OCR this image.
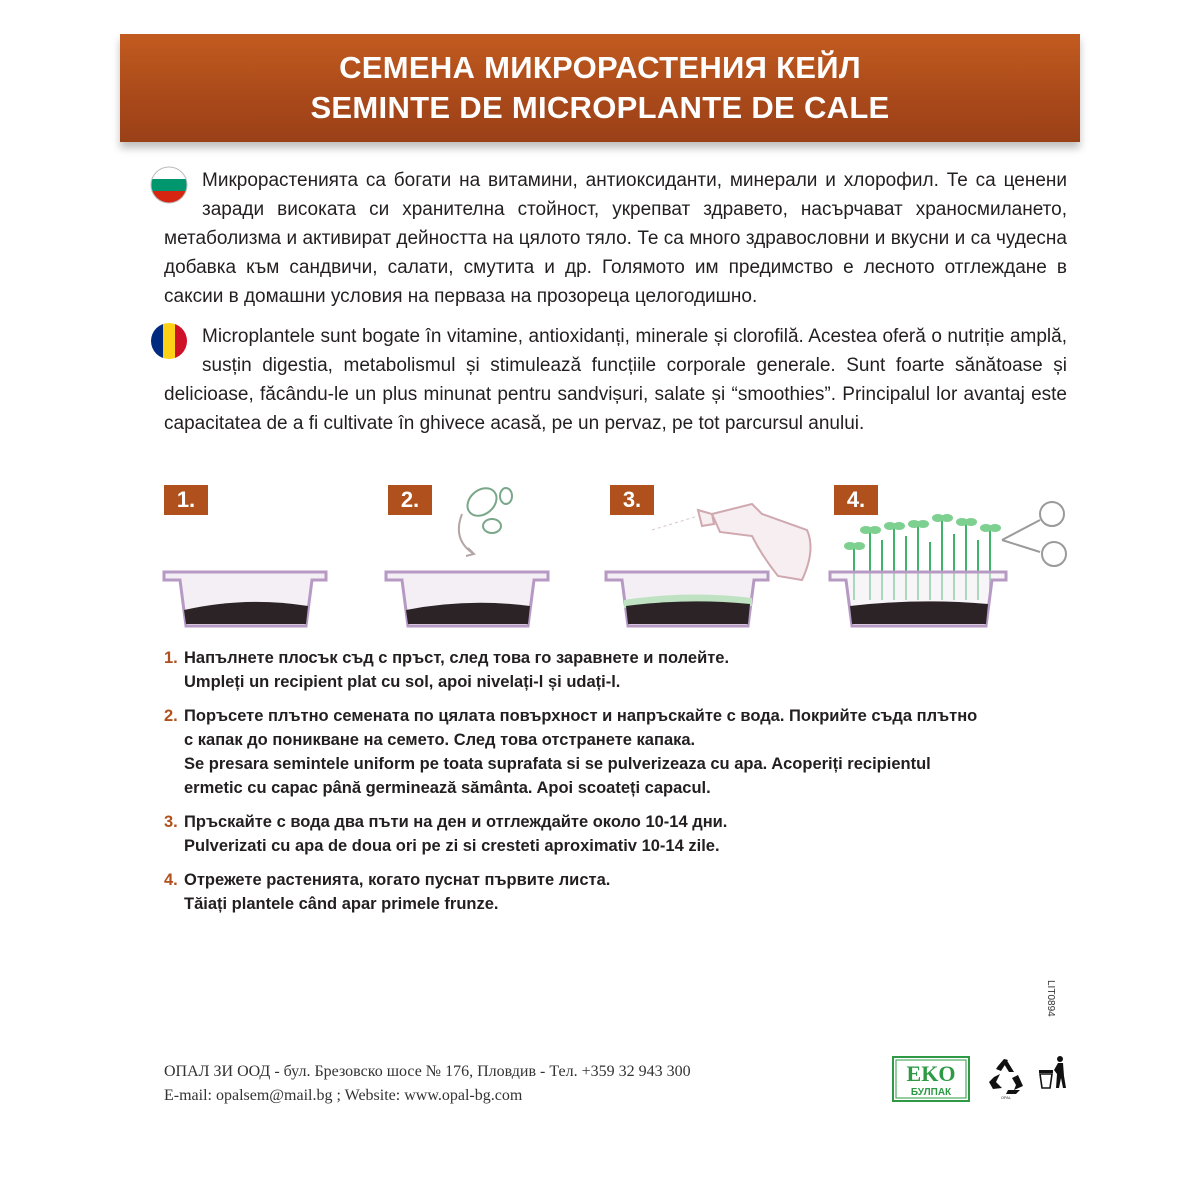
СЕМЕНА МИКРОРАСТЕНИЯ КЕЙЛ
SEMINTE DE MICROPLANTE DE CALE
Микрорастенията са богати на витамини, антиоксиданти, минерали и хлорофил. Те са ценени заради високата си хранителна стойност, укрепват здравето, насърчават храносмилането, метаболизма и активират дейността на цялото тяло. Те са много здравословни и вкусни и са чудесна добавка към сандвичи, салати, смутита и др. Голямото им предимство е лесното отглеждане в саксии в домашни условия на перваза на прозореца целогодишно.
Microplantele sunt bogate în vitamine, antioxidanți, minerale și clorofilă. Acestea oferă o nutriție amplă, susțin digestia, metabolismul și stimulează funcțiile corporale generale. Sunt foarte sănătoase și delicioase, făcându-le un plus minunat pentru sandvișuri, salate și “smoothies”. Principalul lor avantaj este capacitatea de a fi cultivate în ghivece acasă, pe un pervaz, pe tot parcursul anului.
1.	2.	3.	4.
1. Напълнете плосък съд с пръст, след това го заравнете и полейте.
Umpleți un recipient plat cu sol, apoi nivelați-l și udați-l.
2. Поръсете плътно семената по цялата повърхност и напръскайте с вода. Покрийте съда плътно
с капак до поникване на семето. След това отстранете капака.
Se presara semintele uniform pe toata suprafata si se pulverizeaza cu apa. Acoperiți recipientul
ermetic cu capac până germinează sământa. Apoi scoateți capacul.
3. Пръскайте с вода два пъти на ден и отглеждайте около 10-14 дни.
Pulverizati cu apa de doua ori pe zi si cresteti aproximativ 10-14 zile.
4. Отрежете растенията, когато пуснат първите листа.
Tăiați plantele când apar primele frunze.
LIT0894
ОПАЛ ЗИ ООД - бул. Брезовско шосе № 176, Пловдив - Тел. +359 32 943 300
E-mail: opalsem@mail.bg ; Website: www.opal-bg.com
EKO
БУЛПАК	OPAL
